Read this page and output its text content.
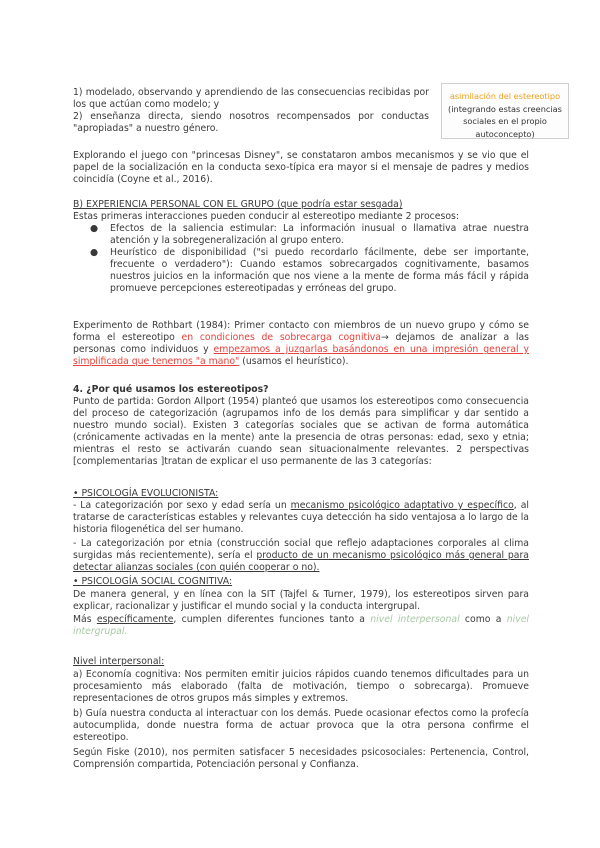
asimilación del estereotipo
(integrando estas creencias
sociales en el propio
autoconcepto)

1) modelado, observando y aprendiendo de las consecuencias recibidas por los que actúan como modelo; y
2) enseñanza directa, siendo nosotros recompensados por conductas "apropiadas" a nuestro género.

Explorando el juego con "princesas Disney", se constataron ambos mecanismos y se vio que el papel de la socialización en la conducta sexo-típica era mayor si el mensaje de padres y medios coincidía (Coyne et al., 2016).

B) EXPERIENCIA PERSONAL CON EL GRUPO (que podría estar sesgada)

Estas primeras interacciones pueden conducir al estereotipo mediante 2 procesos:

● Efectos de la saliencia estimular: La información inusual o llamativa atrae nuestra atención y la sobregeneralización al grupo entero.
● Heurístico de disponibilidad ("si puedo recordarlo fácilmente, debe ser importante, frecuente o verdadero"): Cuando estamos sobrecargados cognitivamente, basamos nuestros juicios en la información que nos viene a la mente de forma más fácil y rápida promueve percepciones estereotipadas y erróneas del grupo.

Experimento de Rothbart (1984): Primer contacto con miembros de un nuevo grupo y cómo se forma el estereotipo en condiciones de sobrecarga cognitiva→ dejamos de analizar a las personas como individuos y empezamos a juzgarlas basándonos en una impresión general y simplificada que tenemos "a mano" (usamos el heurístico).

4. ¿Por qué usamos los estereotipos?

Punto de partida: Gordon Allport (1954) planteó que usamos los estereotipos como consecuencia del proceso de categorización (agrupamos info de los demás para simplificar y dar sentido a nuestro mundo social). Existen 3 categorías sociales que se activan de forma automática (crónicamente activadas en la mente) ante la presencia de otras personas: edad, sexo y etnia; mientras el resto se activarán cuando sean situacionalmente relevantes. 2 perspectivas [complementarias ]tratan de explicar el uso permanente de las 3 categorías:

• PSICOLOGÍA EVOLUCIONISTA:

- La categorización por sexo y edad sería un mecanismo psicológico adaptativo y específico, al tratarse de características estables y relevantes cuya detección ha sido ventajosa a lo largo de la historia filogenética del ser humano.

- La categorización por etnia (construcción social que reflejo adaptaciones corporales al clima surgidas más recientemente), sería el producto de un mecanismo psicológico más general para detectar alianzas sociales (con quién cooperar o no).

• PSICOLOGÍA SOCIAL COGNITIVA:

De manera general, y en línea con la SIT (Tajfel & Turner, 1979), los estereotipos sirven para explicar, racionalizar y justificar el mundo social y la conducta intergrupal.

Más específicamente, cumplen diferentes funciones tanto a nivel interpersonal como a nivel intergrupal.

Nivel interpersonal:

a) Economía cognitiva: Nos permiten emitir juicios rápidos cuando tenemos dificultades para un procesamiento más elaborado (falta de motivación, tiempo o sobrecarga). Promueve representaciones de otros grupos más simples y extremos.

b) Guía nuestra conducta al interactuar con los demás. Puede ocasionar efectos como la profecía autocumplida, donde nuestra forma de actuar provoca que la otra persona confirme el estereotipo.

Según Fiske (2010), nos permiten satisfacer 5 necesidades psicosociales: Pertenencia, Control, Comprensión compartida, Potenciación personal y Confianza.
